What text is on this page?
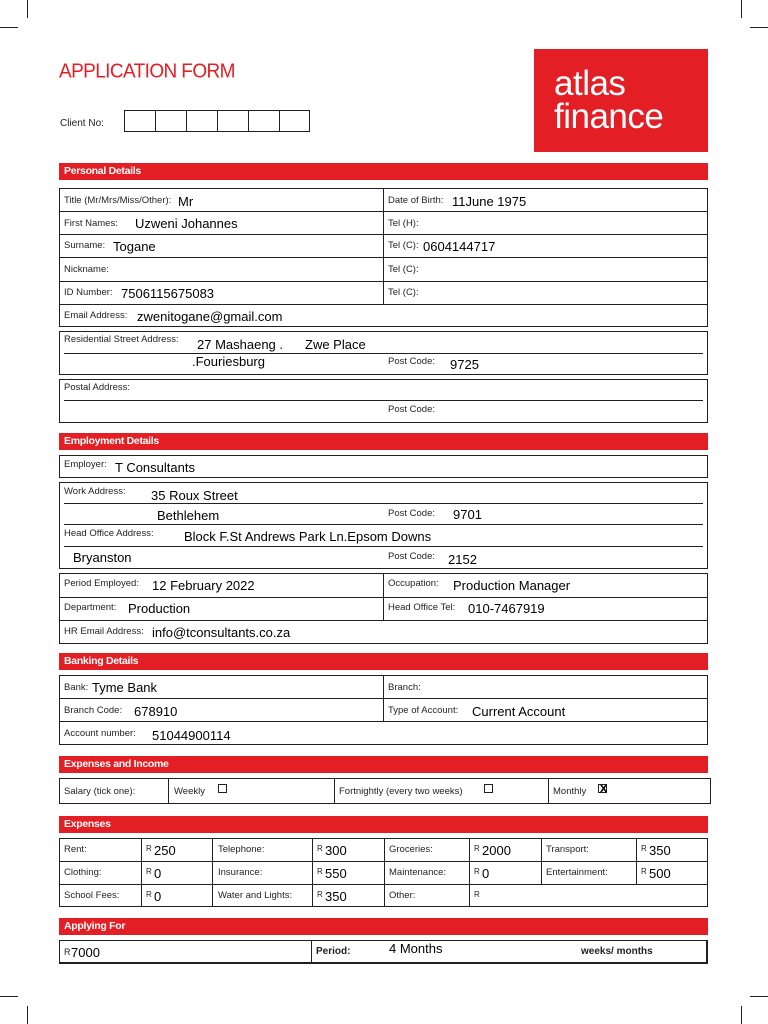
APPLICATION FORM	atlas
finance
Client No:
Personal Details
Title (Mr/Mrs/Miss/Other): Mr	Date of Birth: 11June 1975
First Names: Uzweni Johannes	Tel (H):
Surname: Togane	Tel (C): 0604144717
Nickname:	Tel (C):
ID Number: 7506115675083	Tel (C):
Email Address: zwenitogane@gmail.com
Residential Street Address: 27 Mashaeng . Zwe Place
.Fouriesburg	Post Code: 9725
Postal Address:
Post Code:
Employment Details
Employer: T Consultants
Work Address: 35 Roux Street
Bethlehem	Post Code: 9701
Head Office Address: Block F.St Andrews Park Ln.Epsom Downs
Bryanston	Post Code: 2152
Period Employed: 12 February 2022	Occupation: Production Manager
Department: Production	Head Office Tel: 010-7467919
HR Email Address: info@tconsultants.co.za
Banking Details
Bank: Tyme Bank	Branch:
Branch Code: 678910	Type of Account: Current Account
Account number: 51044900114
Expenses and Income
Salary (tick one):	Weekly	Fortnightly (every two weeks)	Monthly x
Expenses
Rent:	R 250	Telephone:	R 300	Groceries:	R 2000	Transport:	R 350
Clothing:	R 0	Insurance:	R 550	Maintenance:	R 0	Entertainment:	R 500
School Fees:	R 0	Water and Lights:	R 350	Other:	R
Applying For
R 7000	Period:	4 Months	weeks/ months
